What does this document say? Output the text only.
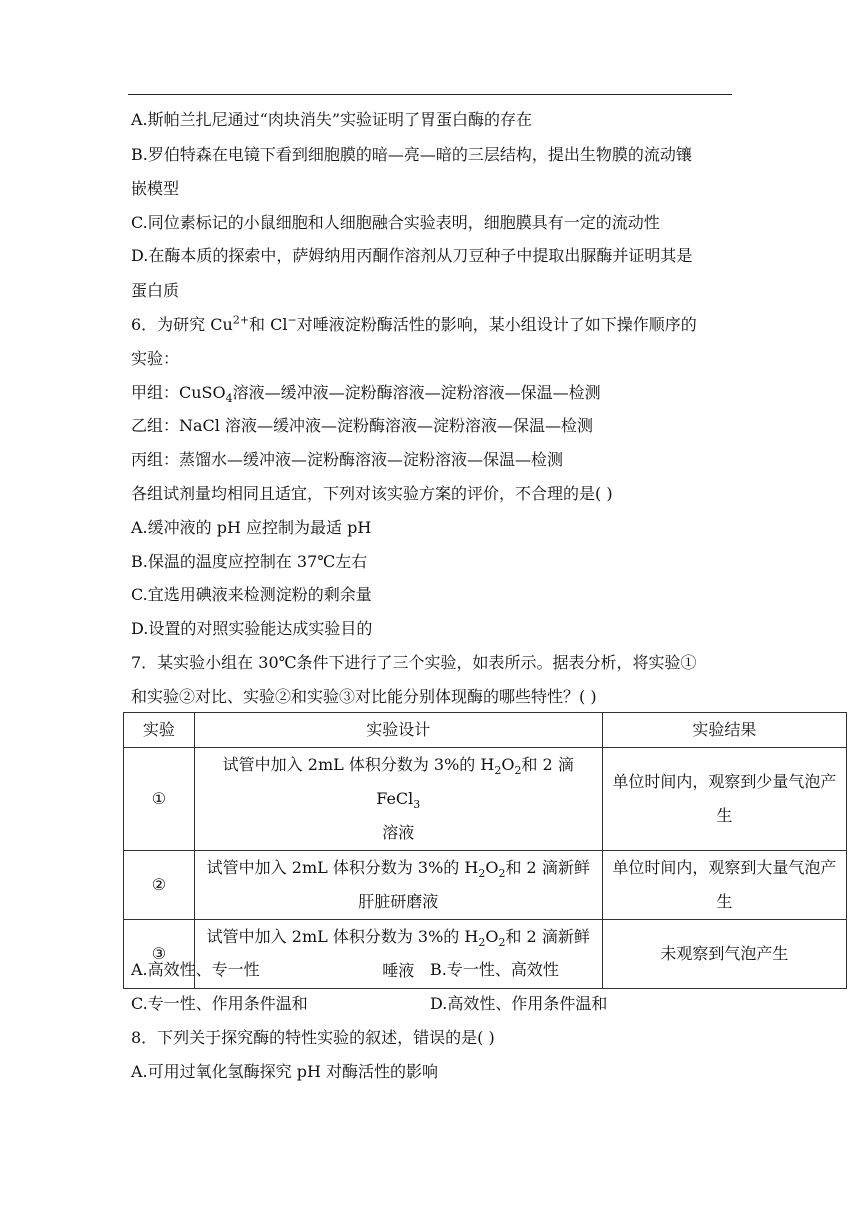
A.斯帕兰扎尼通过“肉块消失”实验证明了胃蛋白酶的存在
B.罗伯特森在电镜下看到细胞膜的暗—亮—暗的三层结构，提出生物膜的流动镶
嵌模型
C.同位素标记的小鼠细胞和人细胞融合实验表明，细胞膜具有一定的流动性
D.在酶本质的探索中，萨姆纳用丙酮作溶剂从刀豆种子中提取出脲酶并证明其是
蛋白质
6．为研究 $Cu^{2+}$和 Cl−对唾液淀粉酶活性的影响，某小组设计了如下操作顺序的
实验：
甲组：CuSO$_4$溶液—缓冲液—淀粉酶溶液—淀粉溶液—保温—检测
乙组：NaCl 溶液—缓冲液—淀粉酶溶液—淀粉溶液—保温—检测
丙组：蒸馏水—缓冲液—淀粉酶溶液—淀粉溶液—保温—检测
各组试剂量均相同且适宜，下列对该实验方案的评价，不合理的是( )
A.缓冲液的 pH 应控制为最适 pH
B.保温的温度应控制在 37℃左右
C.宜选用碘液来检测淀粉的剩余量
D.设置的对照实验能达成实验目的
7．某实验小组在 30℃条件下进行了三个实验，如表所示。据表分析，将实验①
和实验②对比、实验②和实验③对比能分别体现酶的哪些特性？( )
实验	实验设计	实验结果
①	试管中加入 2mL 体积分数为 3%的 $H_2O_2$和 2 滴 FeCl$_3$
溶液	单位时间内，观察到少量气泡产生
②	试管中加入 2mL 体积分数为 3%的 $H_2O_2$和 2 滴新鲜
肝脏研磨液	单位时间内，观察到大量气泡产生
③	试管中加入 2mL 体积分数为 3%的 $H_2O_2$和 2 滴新鲜
唾液	未观察到气泡产生
A.高效性、专一性	B.专一性、高效性
C.专一性、作用条件温和	D.高效性、作用条件温和
8．下列关于探究酶的特性实验的叙述，错误的是( )
A.可用过氧化氢酶探究 pH 对酶活性的影响
